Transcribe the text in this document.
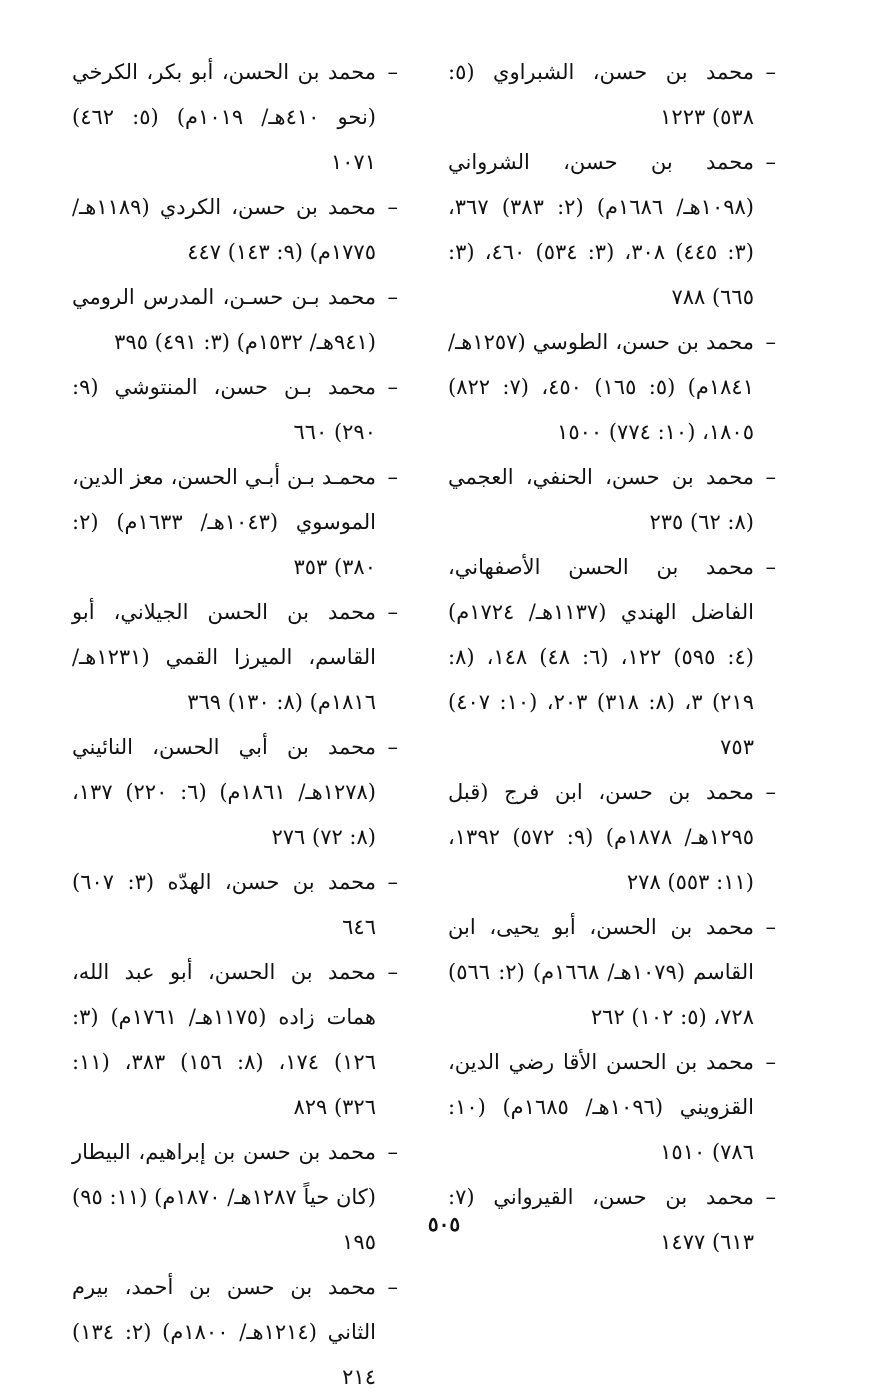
– محمد بن حسن، الشبراوي (٥: ٥٣٨) ١٢٢٣

– محمد بن حسن، الشرواني (١٠٩٨هـ/ ١٦٨٦م) (٢: ٣٨٣) ٣٦٧، (٣: ٤٤٥) ٣٠٨، (٣: ٥٣٤) ٤٦٠، (٣: ٦٦٥) ٧٨٨

– محمد بن حسن، الطوسي (١٢٥٧هـ/ ١٨٤١م) (٥: ١٦٥) ٤٥٠، (٧: ٨٢٢) ١٨٠٥، (١٠: ٧٧٤) ١٥٠٠

– محمد بن حسن، الحنفي، العجمي (٨: ٦٢) ٢٣٥

– محمد بن الحسن الأصفهاني، الفاضل الهندي (١١٣٧هـ/ ١٧٢٤م) (٤: ٥٩٥) ١٢٢، (٦: ٤٨) ١٤٨، (٨: ٢١٩) ٣، (٨: ٣١٨) ٢٠٣، (١٠: ٤٠٧) ٧٥٣

– محمد بن حسن، ابن فرج (قبل ١٢٩٥هـ/ ١٨٧٨م) (٩: ٥٧٢) ١٣٩٢، (١١: ٥٥٣) ٢٧٨

– محمد بن الحسن، أبو يحيى، ابن القاسم (١٠٧٩هـ/ ١٦٦٨م) (٢: ٥٦٦) ٧٢٨، (٥: ١٠٢) ٢٦٢

– محمد بن الحسن الأقا رضي الدين، القزويني (١٠٩٦هـ/ ١٦٨٥م) (١٠: ٧٨٦) ١٥١٠

– محمد بن حسن، القيرواني (٧: ٦١٣) ١٤٧٧

– محمد بن الحسن، أبو بكر، الكرخي (نحو ٤١٠هـ/ ١٠١٩م) (٥: ٤٦٢) ١٠٧١

– محمد بن حسن، الكردي (١١٨٩هـ/ ١٧٧٥م) (٩: ١٤٣) ٤٤٧

– محمد بـن حسـن، المدرس الرومي (٩٤١هـ/ ١٥٣٢م) (٣: ٤٩١) ٣٩٥

– محمد بـن حسن، المنتوشي (٩: ٢٩٠) ٦٦٠

– محمـد بـن أبـي الحسن، معز الدين، الموسوي (١٠٤٣هـ/ ١٦٣٣م) (٢: ٣٨٠) ٣٥٣

– محمد بن الحسن الجيلاني، أبو القاسم، الميرزا القمي (١٢٣١هـ/ ١٨١٦م) (٨: ١٣٠) ٣٦٩

– محمد بن أبي الحسن، النائيني (١٢٧٨هـ/ ١٨٦١م) (٦: ٢٢٠) ١٣٧، (٨: ٧٢) ٢٧٦

– محمد بن حسن، الهدّه (٣: ٦٠٧) ٦٤٦

– محمد بن الحسن، أبو عبد الله، همات زاده (١١٧٥هـ/ ١٧٦١م) (٣: ١٢٦) ١٧٤، (٨: ١٥٦) ٣٨٣، (١١: ٣٢٦) ٨٢٩

– محمد بن حسن بن إبراهيم، البيطار (كان حياً ١٢٨٧هـ/ ١٨٧٠م) (١١: ٩٥) ١٩٥

– محمد بن حسن بن أحمد، بيرم الثاني (١٢١٤هـ/ ١٨٠٠م) (٢: ١٣٤) ٢١٤

٥٠٥
